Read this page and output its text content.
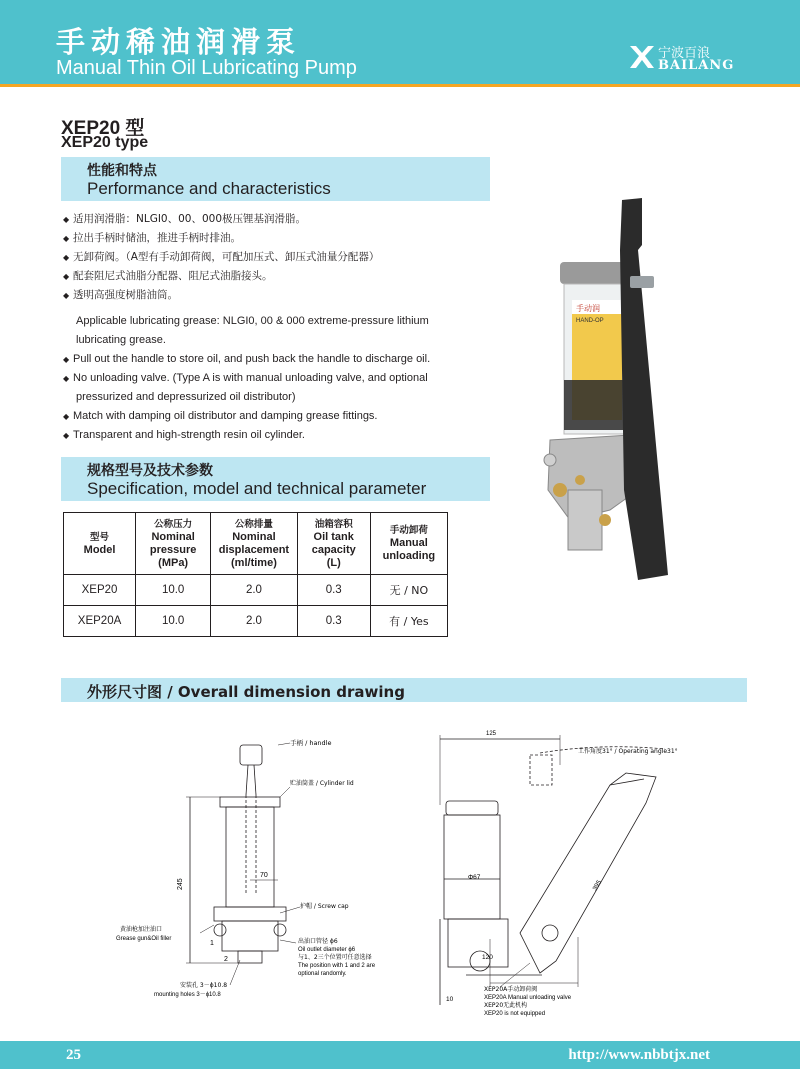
手动稀油润滑泵
Manual Thin Oil Lubricating Pump
宁波百浪
BAILANG
XEP20 型
XEP20 type
性能和特点
Performance and characteristics
◆ 适用润滑脂：NLGI0、00、000极压锂基润滑脂。
◆ 拉出手柄时储油，推进手柄时排油。
◆ 无卸荷阀。（A型有手动卸荷阀，可配加压式、卸压式油量分配器）
◆ 配套阻尼式油脂分配器、阻尼式油脂接头。
◆ 透明高强度树脂油筒。
Applicable lubricating grease: NLGI0, 00 & 000 extreme-pressure lithium
lubricating grease.
◆ Pull out the handle to store oil, and push back the handle to discharge oil.
◆ No unloading valve. (Type A is with manual unloading valve, and optional
pressurized and depressurized oil distributor)
◆ Match with damping oil distributor and damping grease fittings.
◆ Transparent and high-strength resin oil cylinder.
规格型号及技术参数
Specification, model and technical parameter
型号
Model	公称压力
Nominal
pressure
(MPa)	公称排量
Nominal
displacement
(ml/time)	油箱容积
Oil tank
capacity
(L)	手动卸荷
Manual
unloading
XEP20	10.0	2.0	0.3	无 / NO
XEP20A	10.0	2.0	0.3	有 / Yes
手动润
HAND-OP
外形尺寸图 / Overall dimension drawing
手柄 / handle
贮油筒盖 / Cylinder lid
护帽 / Screw cap
黄油枪加注油口
Grease gun&Oil filler	出油口管径 ϕ6
Oil outlet diameter ϕ6
与1、2三个位置可任意选择
The position with 1 and 2 are
optional randomly.
安装孔 3－ϕ10.8
mounting holes 3－ϕ10.8
245
70
1
2
125
工作角度31° / Operating angle31°
Φ67
395
120
10
XEP20A手动卸荷阀
XEP20A Manual unloading valve
XEP20无此机构
XEP20 is not equipped
25	http://www.nbbtjx.net
